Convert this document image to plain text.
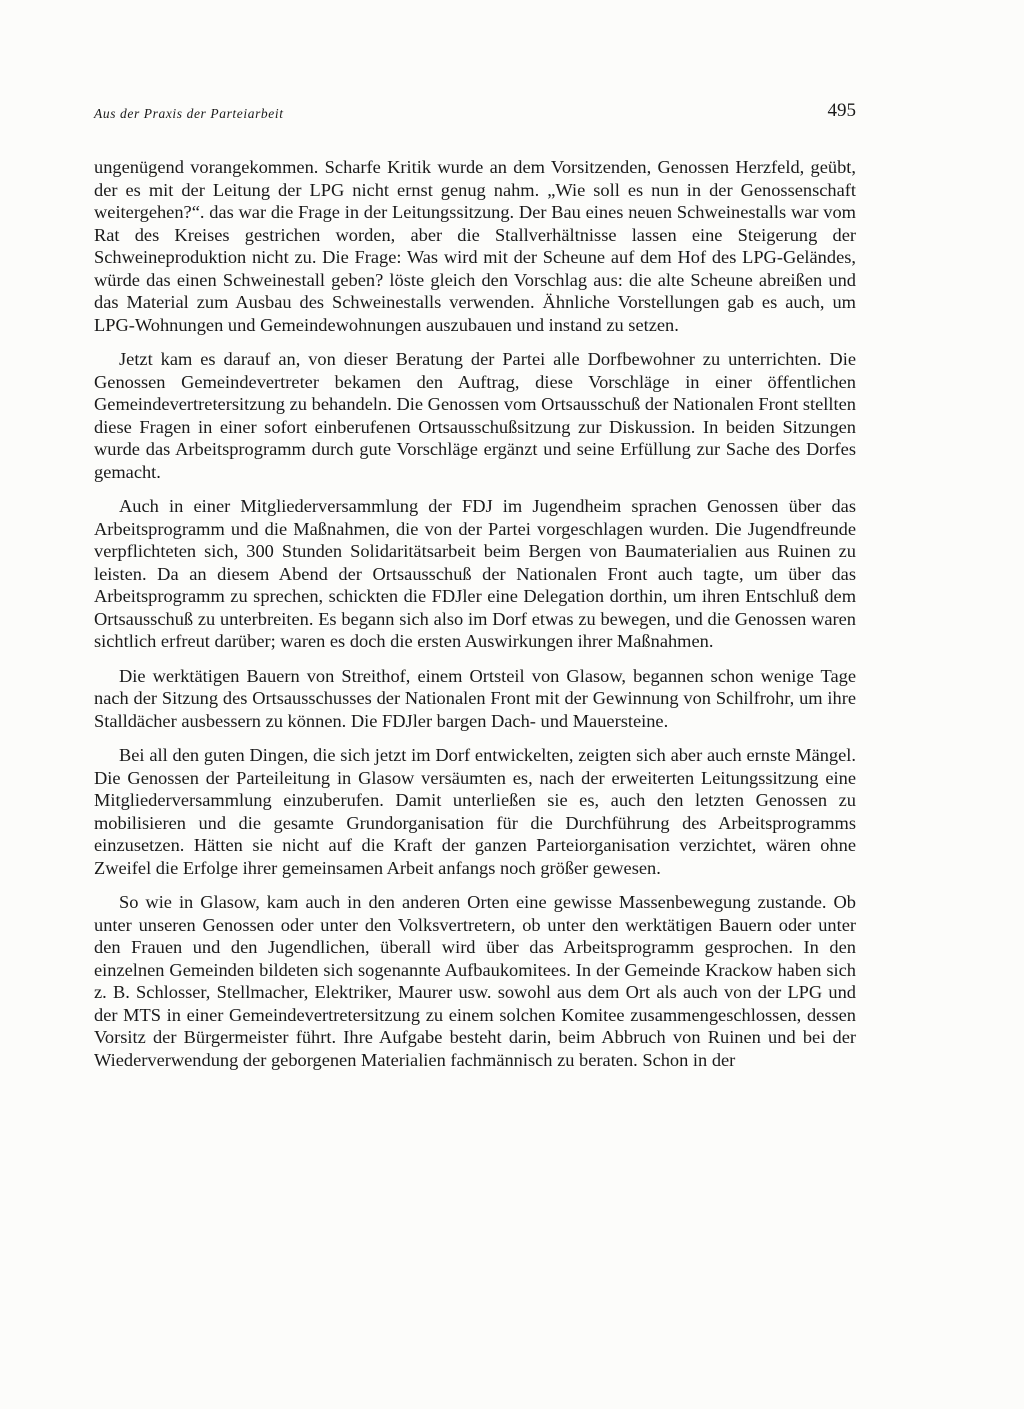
Aus der Praxis der Parteiarbeit	495

ungenügend vorangekommen. Scharfe Kritik wurde an dem Vorsitzenden, Genossen Herzfeld, geübt, der es mit der Leitung der LPG nicht ernst genug nahm. „Wie soll es nun in der Genossenschaft weitergehen?“. das war die Frage in der Leitungssitzung. Der Bau eines neuen Schweinestalls war vom Rat des Kreises gestrichen worden, aber die Stallverhältnisse lassen eine Steigerung der Schweineproduktion nicht zu. Die Frage: Was wird mit der Scheune auf dem Hof des LPG-Geländes, würde das einen Schweinestall geben? löste gleich den Vorschlag aus: die alte Scheune abreißen und das Material zum Ausbau des Schweinestalls verwenden. Ähnliche Vorstellungen gab es auch, um LPG-Wohnungen und Gemeindewohnungen auszubauen und instand zu setzen.

Jetzt kam es darauf an, von dieser Beratung der Partei alle Dorfbewohner zu unterrichten. Die Genossen Gemeindevertreter bekamen den Auftrag, diese Vorschläge in einer öffentlichen Gemeindevertretersitzung zu behandeln. Die Genossen vom Ortsausschuß der Nationalen Front stellten diese Fragen in einer sofort einberufenen Ortsausschußsitzung zur Diskussion. In beiden Sitzungen wurde das Arbeitsprogramm durch gute Vorschläge ergänzt und seine Erfüllung zur Sache des Dorfes gemacht.

Auch in einer Mitgliederversammlung der FDJ im Jugendheim sprachen Genossen über das Arbeitsprogramm und die Maßnahmen, die von der Partei vorgeschlagen wurden. Die Jugendfreunde verpflichteten sich, 300 Stunden Solidaritätsarbeit beim Bergen von Baumaterialien aus Ruinen zu leisten. Da an diesem Abend der Ortsausschuß der Nationalen Front auch tagte, um über das Arbeitsprogramm zu sprechen, schickten die FDJler eine Delegation dorthin, um ihren Entschluß dem Ortsausschuß zu unterbreiten. Es begann sich also im Dorf etwas zu bewegen, und die Genossen waren sichtlich erfreut darüber; waren es doch die ersten Auswirkungen ihrer Maßnahmen.

Die werktätigen Bauern von Streithof, einem Ortsteil von Glasow, begannen schon wenige Tage nach der Sitzung des Ortsausschusses der Nationalen Front mit der Gewinnung von Schilfrohr, um ihre Stalldächer ausbessern zu können. Die FDJler bargen Dach- und Mauersteine.

Bei all den guten Dingen, die sich jetzt im Dorf entwickelten, zeigten sich aber auch ernste Mängel. Die Genossen der Parteileitung in Glasow versäumten es, nach der erweiterten Leitungssitzung eine Mitgliederversammlung einzuberufen. Damit unterließen sie es, auch den letzten Genossen zu mobilisieren und die gesamte Grundorganisation für die Durchführung des Arbeitsprogramms einzusetzen. Hätten sie nicht auf die Kraft der ganzen Parteiorganisation verzichtet, wären ohne Zweifel die Erfolge ihrer gemeinsamen Arbeit anfangs noch größer gewesen.

So wie in Glasow, kam auch in den anderen Orten eine gewisse Massenbewegung zustande. Ob unter unseren Genossen oder unter den Volksvertretern, ob unter den werktätigen Bauern oder unter den Frauen und den Jugendlichen, überall wird über das Arbeitsprogramm gesprochen. In den einzelnen Gemeinden bildeten sich sogenannte Aufbaukomitees. In der Gemeinde Krackow haben sich z. B. Schlosser, Stellmacher, Elektriker, Maurer usw. sowohl aus dem Ort als auch von der LPG und der MTS in einer Gemeindevertretersitzung zu einem solchen Komitee zusammengeschlossen, dessen Vorsitz der Bürgermeister führt. Ihre Aufgabe besteht darin, beim Abbruch von Ruinen und bei der Wiederverwendung der geborgenen Materialien fachmännisch zu beraten. Schon in der
